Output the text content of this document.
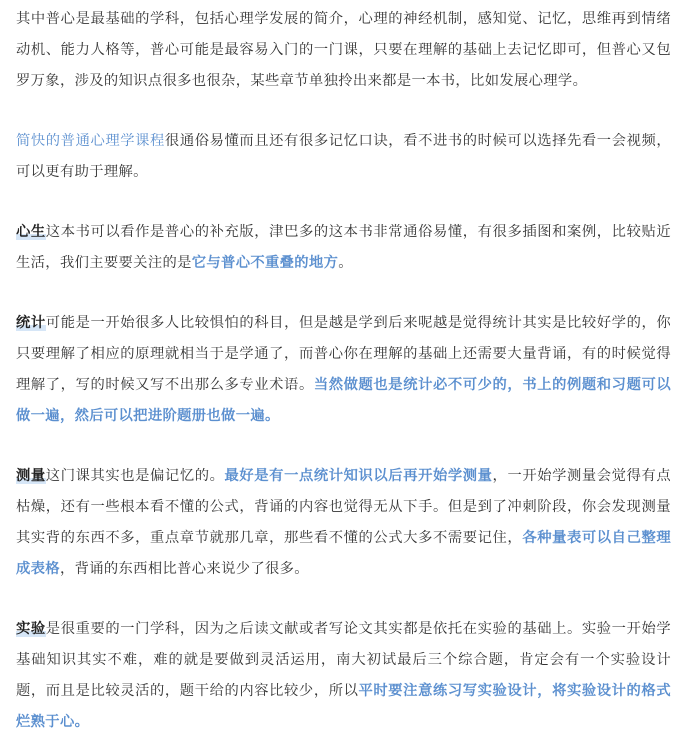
其中普心是最基础的学科，包括心理学发展的简介，心理的神经机制，感知觉、记忆，思维再到情绪动机、能力人格等，普心可能是最容易入门的一门课，只要在理解的基础上去记忆即可，但普心又包罗万象，涉及的知识点很多也很杂，某些章节单独拎出来都是一本书，比如发展心理学。

简快的普通心理学课程很通俗易懂而且还有很多记忆口诀，看不进书的时候可以选择先看一会视频，可以更有助于理解。

心生这本书可以看作是普心的补充版，津巴多的这本书非常通俗易懂，有很多插图和案例，比较贴近生活，我们主要要关注的是它与普心不重叠的地方。

统计可能是一开始很多人比较惧怕的科目，但是越是学到后来呢越是觉得统计其实是比较好学的，你只要理解了相应的原理就相当于是学通了，而普心你在理解的基础上还需要大量背诵，有的时候觉得理解了，写的时候又写不出那么多专业术语。当然做题也是统计必不可少的，书上的例题和习题可以做一遍，然后可以把进阶题册也做一遍。

测量这门课其实也是偏记忆的。最好是有一点统计知识以后再开始学测量，一开始学测量会觉得有点枯燥，还有一些根本看不懂的公式，背诵的内容也觉得无从下手。但是到了冲刺阶段，你会发现测量其实背的东西不多，重点章节就那几章，那些看不懂的公式大多不需要记住，各种量表可以自己整理成表格，背诵的东西相比普心来说少了很多。

实验是很重要的一门学科，因为之后读文献或者写论文其实都是依托在实验的基础上。实验一开始学基础知识其实不难，难的就是要做到灵活运用，南大初试最后三个综合题，肯定会有一个实验设计题，而且是比较灵活的，题干给的内容比较少，所以平时要注意练习写实验设计，将实验设计的格式烂熟于心。
